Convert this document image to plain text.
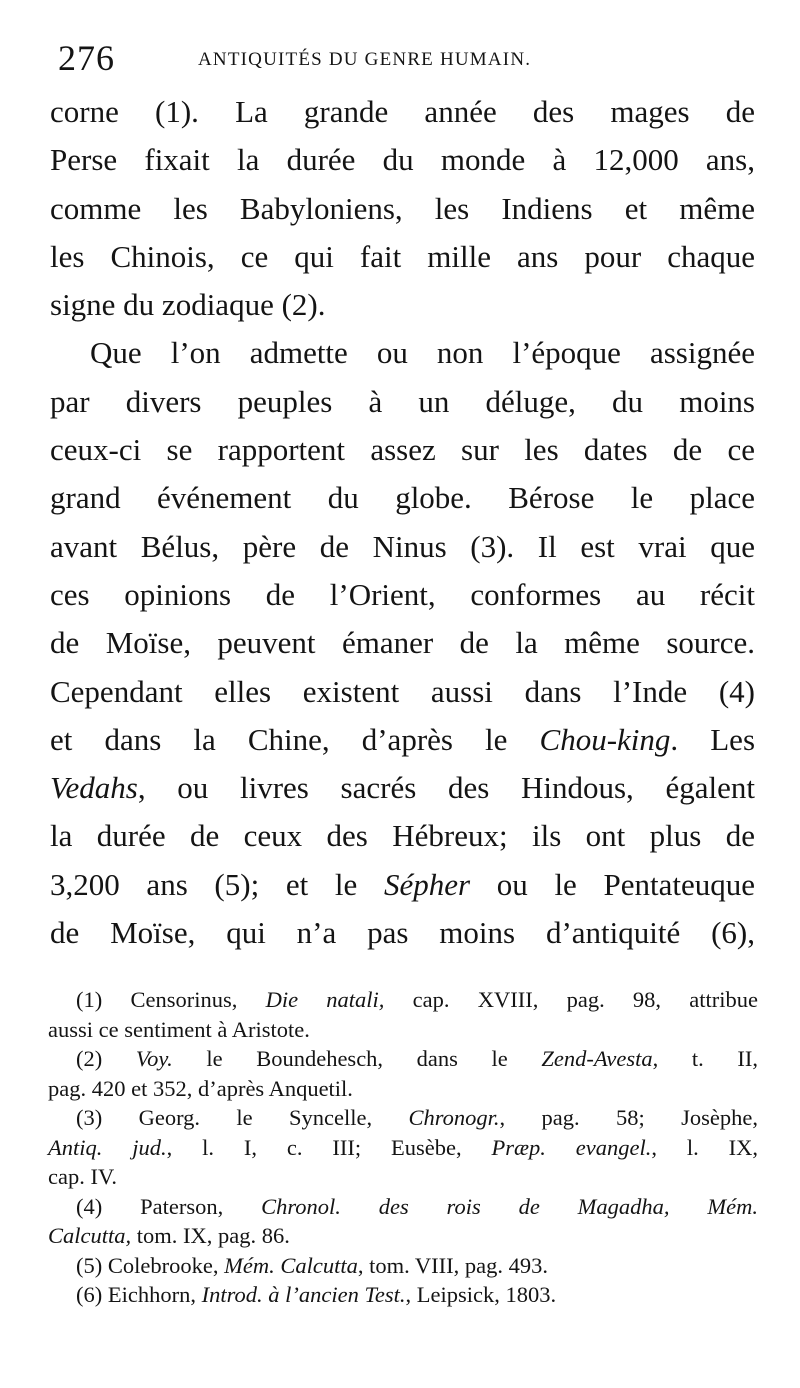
276	ANTIQUITÉS DU GENRE HUMAIN.
corne (1). La grande année des mages de
Perse fixait la durée du monde à 12,000 ans,
comme les Babyloniens, les Indiens et même
les Chinois, ce qui fait mille ans pour chaque
signe du zodiaque (2).
Que l’on admette ou non l’époque assignée
par divers peuples à un déluge, du moins
ceux-ci se rapportent assez sur les dates de ce
grand événement du globe. Bérose le place
avant Bélus, père de Ninus (3). Il est vrai que
ces opinions de l’Orient, conformes au récit
de Moïse, peuvent émaner de la même source.
Cependant elles existent aussi dans l’Inde (4)
et dans la Chine, d’après le Chou-king. Les
Vedahs, ou livres sacrés des Hindous, égalent
la durée de ceux des Hébreux; ils ont plus de
3,200 ans (5); et le Sépher ou le Pentateuque
de Moïse, qui n’a pas moins d’antiquité (6),
(1) Censorinus, Die natali, cap. XVIII, pag. 98, attribue
aussi ce sentiment à Aristote.
(2) Voy. le Boundehesch, dans le Zend-Avesta, t. II,
pag. 420 et 352, d’après Anquetil.
(3) Georg. le Syncelle, Chronogr., pag. 58; Josèphe,
Antiq. jud., l. I, c. III; Eusèbe, Præp. evangel., l. IX,
cap. IV.
(4) Paterson, Chronol. des rois de Magadha, Mém.
Calcutta, tom. IX, pag. 86.
(5) Colebrooke, Mém. Calcutta, tom. VIII, pag. 493.
(6) Eichhorn, Introd. à l’ancien Test., Leipsick, 1803.
